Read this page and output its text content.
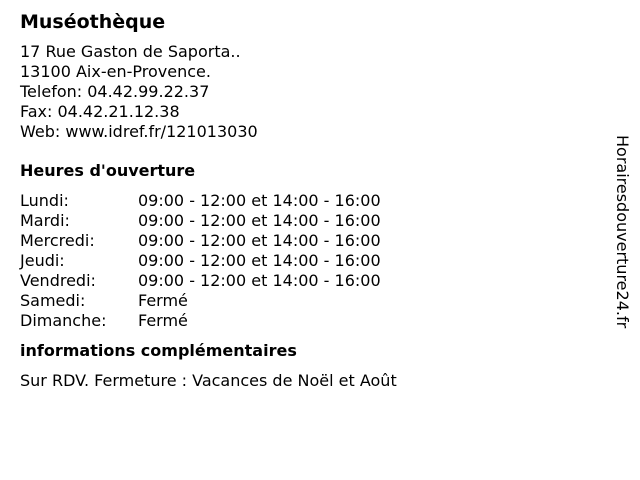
Muséothèque
17 Rue Gaston de Saporta..
13100 Aix-en-Provence.
Telefon: 04.42.99.22.37
Fax: 04.42.21.12.38
Web: www.idref.fr/121013030
Heures d'ouverture
Lundi:	09:00 - 12:00 et 14:00 - 16:00
Mardi:	09:00 - 12:00 et 14:00 - 16:00
Mercredi:	09:00 - 12:00 et 14:00 - 16:00
Jeudi:	09:00 - 12:00 et 14:00 - 16:00
Vendredi:	09:00 - 12:00 et 14:00 - 16:00
Samedi:	Fermé
Dimanche:	Fermé
informations complémentaires
Sur RDV. Fermeture : Vacances de Noël et Août
Horairesdouverture24.fr
